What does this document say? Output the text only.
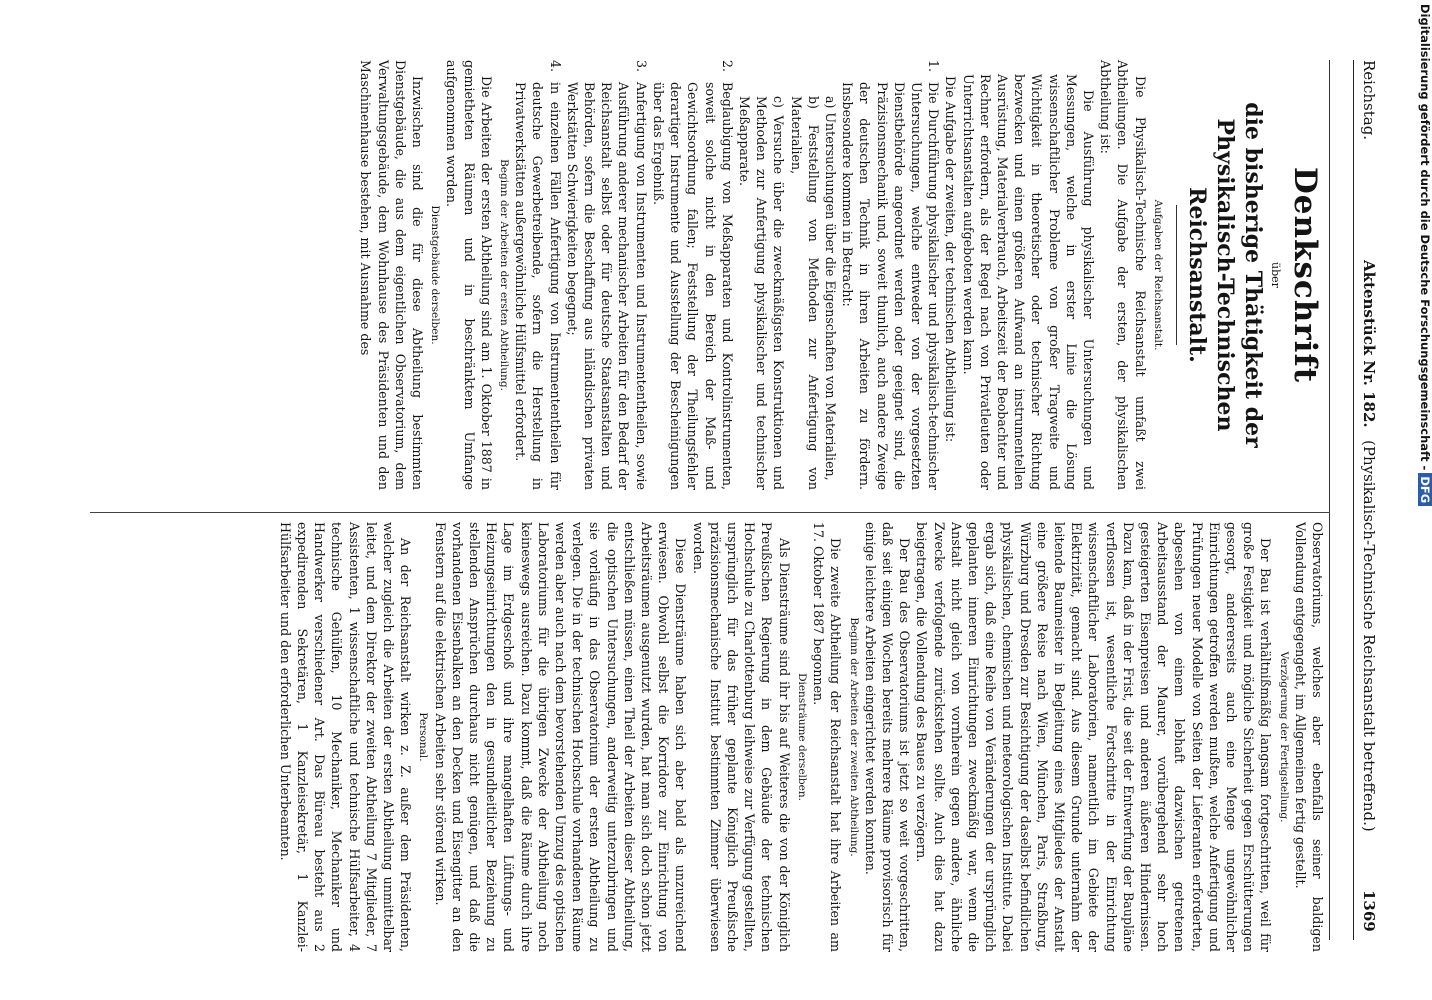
Reichstag.
Aktenstück Nr. 182.
(Physikalisch-Technische Reichsanstalt betreffend.)
1369

Denkschrift

über

die bisherige Thätigkeit der Physikalisch-Technischen Reichsanstalt.

Aufgaben der Reichsanstalt.

Die Physikalisch-Technische Reichsanstalt umfaßt zwei Abtheilungen. Die Aufgabe der ersten, der physikalischen Abtheilung ist:

Die Ausführung physikalischer Untersuchungen und Messungen, welche in erster Linie die Lösung wissenschaftlicher Probleme von großer Tragweite und Wichtigkeit in theoretischer oder technischer Richtung bezwecken und einen größeren Aufwand an instrumentellen Ausrüstung, Materialverbrauch, Arbeitszeit der Beobachter und Rechner erfordern, als der Regel nach von Privatleuten oder Unterrichtsanstalten aufgeboten werden kann.

Die Aufgabe der zweiten, der technischen Abtheilung ist:

1.
Die Durchführung physikalischer und physikalisch-technischer Untersuchungen, welche entweder von der vorgesetzten Dienstbehörde angeordnet werden oder geeignet sind, die Präzisionsmechanik und, soweit thunlich, auch andere Zweige der deutschen Technik in ihren Arbeiten zu fördern. Insbesondere kommen in Betracht:

a) Untersuchungen über die Eigenschaften von Materialien,

b) Feststellung von Methoden zur Anfertigung von Materialien,

c) Versuche über die zweckmäßigsten Konstruktionen und Methoden zur Anfertigung physikalischer und technischer Meßapparate.

2.
Beglaubigung von Meßapparaten und Kontrolinstrumenten, soweit solche nicht in den Bereich der Maß- und Gewichtsordnung fallen; Feststellung der Theilungsfehler derartiger Instrumente und Ausstellung der Bescheinigungen über das Ergebniß.
3.
Anfertigung von Instrumenten und Instrumententheilen, sowie Ausführung anderer mechanischer Arbeiten für den Bedarf der Reichsanstalt selbst oder für deutsche Staatsanstalten und Behörden, sofern die Beschaffung aus inländischen privaten Werkstätten Schwierigkeiten begegnet;
4.
in einzelnen Fällen Anfertigung von Instrumententheilen für deutsche Gewerbetreibende, sofern die Herstellung in Privatwerkstätten außergewöhnliche Hülfsmittel erfordert.

Beginn der Arbeiten der ersten Abtheilung.

Die Arbeiten der ersten Abtheilung sind am 1. Oktober 1887 in gemietheten Räumen und in beschränktem Umfange aufgenommen worden.

Dienstgebäude derselben.

Inzwischen sind die für diese Abtheilung bestimmten Dienstgebäude, die aus dem eigentlichen Observatorium, dem Verwaltungsgebäude, dem Wohnhause des Präsidenten und den Maschinenhause bestehen, mit Ausnahme des

Observatoriums, welches aber ebenfalls seiner baldigen Vollendung entgegengeht, im Allgemeinen fertig gestellt.

Verzögerung der Fertigstellung.

Der Bau ist verhältnißmäßig langsam fortgeschritten, weil für große Festigkeit und mögliche Sicherheit gegen Erschütterungen gesorgt, andererseits auch eine Menge ungewöhnlicher Einrichtungen getroffen werden mußten, welche Anfertigung und Prüfungen neuer Modelle von Seiten der Lieferanten erforderten, abgesehen von einem lebhaft dazwischen getretenen Arbeitsausstand der Maurer, vorübergehend sehr hoch gesteigerten Eisenpreisen und anderen äußeren Hindernissen. Dazu kam, daß in der Frist, die seit der Entwerfung der Baupläne verflossen ist, wesentliche Fortschritte in der Einrichtung wissenschaftlicher Laboratorien, namentlich im Gebiete der Elektrizität, gemacht sind. Aus diesem Grunde unternahm der leitende Baumeister in Begleitung eines Mitgliedes der Anstalt eine größere Reise nach Wien, München, Paris, Straßburg, Würzburg und Dresden zur Besichtigung der daselbst befindlichen physikalischen, chemischen und meteorologischen Institute. Dabei ergab sich, daß eine Reihe von Veränderungen der ursprünglich geplanten inneren Einrichtungen zweckmäßig war, wenn die Anstalt nicht gleich von vornherein gegen andere, ähnliche Zwecke verfolgende zurückstehen sollte. Auch dies hat dazu beigetragen, die Vollendung des Baues zu verzögern.

Der Bau des Observatoriums ist jetzt so weit vorgeschritten, daß seit einigen Wochen bereits mehrere Räume provisorisch für einige leichtere Arbeiten eingerichtet werden konnten.

Beginn der Arbeiten der zweiten Abtheilung.

Die zweite Abtheilung der Reichsanstalt hat ihre Arbeiten am 17. Oktober 1887 begonnen.

Diensträume derselben.

Als Diensträume sind ihr bis auf Weiteres die von der Königlich Preußischen Regierung in dem Gebäude der technischen Hochschule zu Charlottenburg leihweise zur Verfügung gestellten, ursprünglich für das früher geplante Königlich Preußische präzisionsmechanische Institut bestimmten Zimmer überwiesen worden.

Diese Diensträume haben sich aber bald als unzureichend erwiesen. Obwohl selbst die Korridore zur Einrichtung von Arbeitsräumen ausgenutzt wurden, hat man sich doch schon jetzt entschließen müssen, einen Theil der Arbeiten dieser Abtheilung, die optischen Untersuchungen, anderweitig unterzubringen und sie vorläufig in das Observatorium der ersten Abtheilung zu verlegen. Die in der technischen Hochschule vorhandenen Räume werden aber auch nach dem bevorstehenden Umzug des optischen Laboratoriums für die übrigen Zwecke der Abtheilung noch keineswegs ausreichen. Dazu kommt, daß die Räume durch ihre Lage im Erdgeschoß und ihre mangelhaften Lüftungs- und Heizungseinrichtungen den in gesundheitlicher Beziehung zu stellenden Ansprüchen durchaus nicht genügen, und daß die vorhandenen Eisenbalken an den Decken und Eisengitter an den Fenstern auf die elektrischen Arbeiten sehr störend wirken.

Personal.

An der Reichsanstalt wirken z. Z. außer dem Präsidenten, welcher zugleich die Arbeiten der ersten Abtheilung unmittelbar leitet, und dem Direktor der zweiten Abtheilung 7 Mitglieder, 7 Assistenten, 1 wissenschaftliche und technische Hülfsarbeiter, 4 technische Gehülfen, 10 Mechaniker, Mechaniker und Handwerker verschiedener Art. Das Büreau besteht aus 2 expedirenden Sekretären, 1 Kanzleisekretär, 1 Kanzlei-Hülfsarbeiter und den erforderlichen Unterbeamten.

Digitalisierung gefördert durch die Deutsche Forschungsgemeinschaft -DFG
